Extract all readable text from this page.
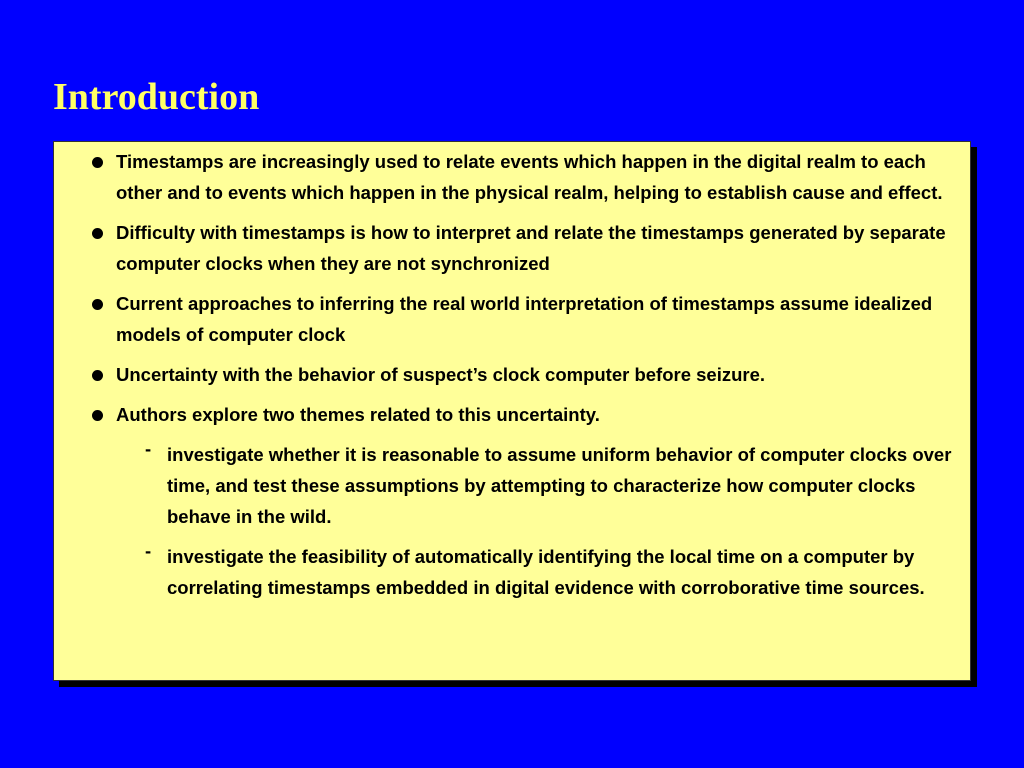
Introduction
Timestamps are increasingly used to relate events which happen in the digital realm to each other and to events which happen in the physical realm, helping to establish cause and effect.
Difficulty with timestamps is how to interpret and relate the timestamps generated by separate computer clocks when they are not synchronized
Current approaches to inferring the real world interpretation of timestamps assume idealized models of computer clock
Uncertainty with the behavior of suspect’s clock computer before seizure.
Authors explore two themes related to this uncertainty.
- investigate whether it is reasonable to assume uniform behavior of computer clocks over time, and test these assumptions by attempting to characterize how computer clocks behave in the wild.
- investigate the feasibility of automatically identifying the local time on a computer by correlating timestamps embedded in digital evidence with corroborative time sources.
